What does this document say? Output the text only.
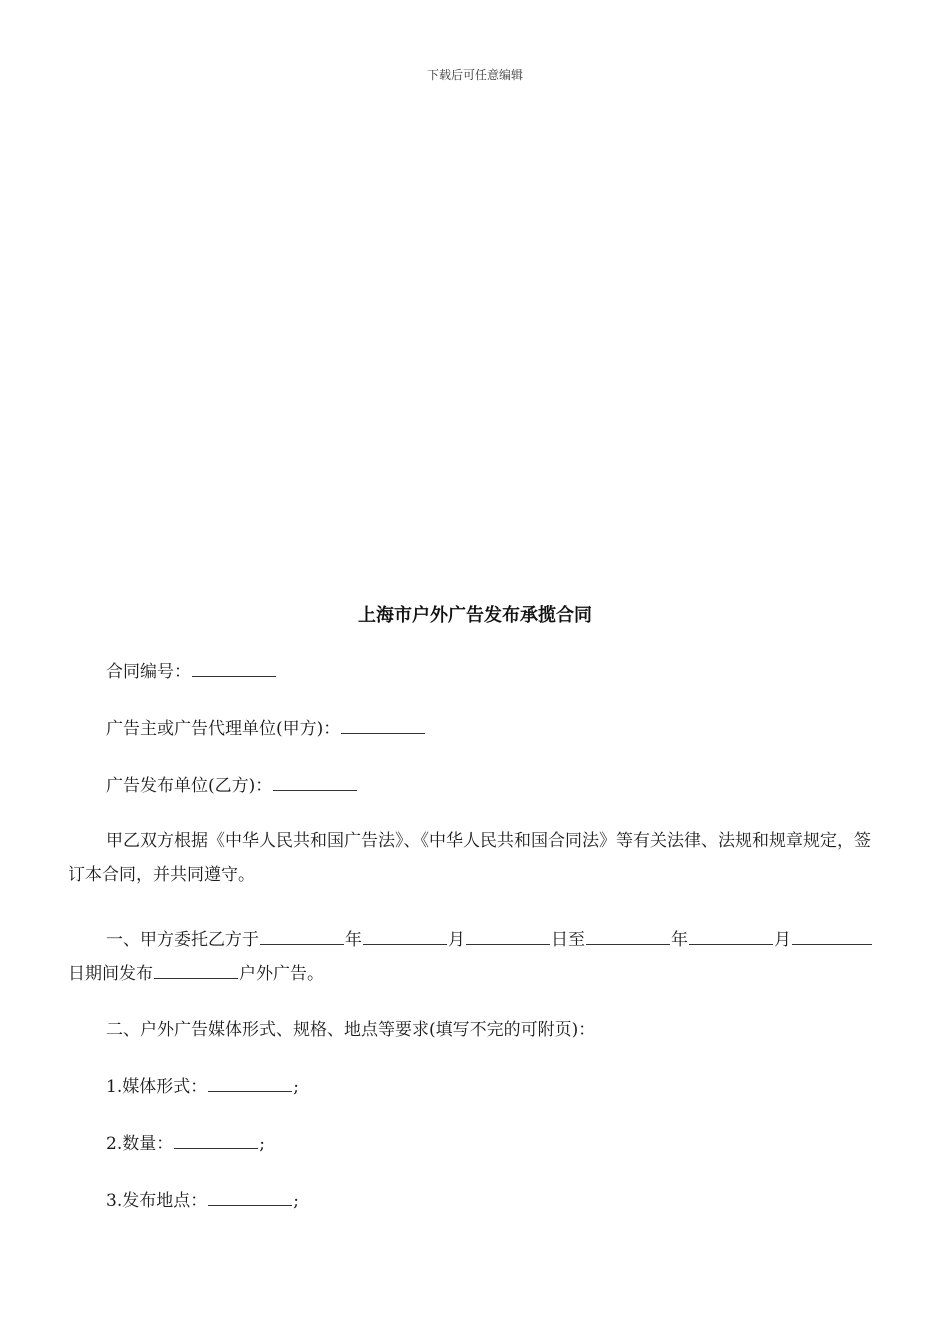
下载后可任意编辑
上海市户外广告发布承揽合同
合同编号：
广告主或广告代理单位(甲方)：
广告发布单位(乙方)：
甲乙双方根据《中华人民共和国广告法》、《中华人民共和国合同法》等有关法律、法规和规章规定，签订本合同，并共同遵守。
一、甲方委托乙方于	年	月	日至	年	月日期间发布	户外广告。
二、户外广告媒体形式、规格、地点等要求(填写不完的可附页)：
1.媒体形式：	;
2.数量：	;
3.发布地点：	;
